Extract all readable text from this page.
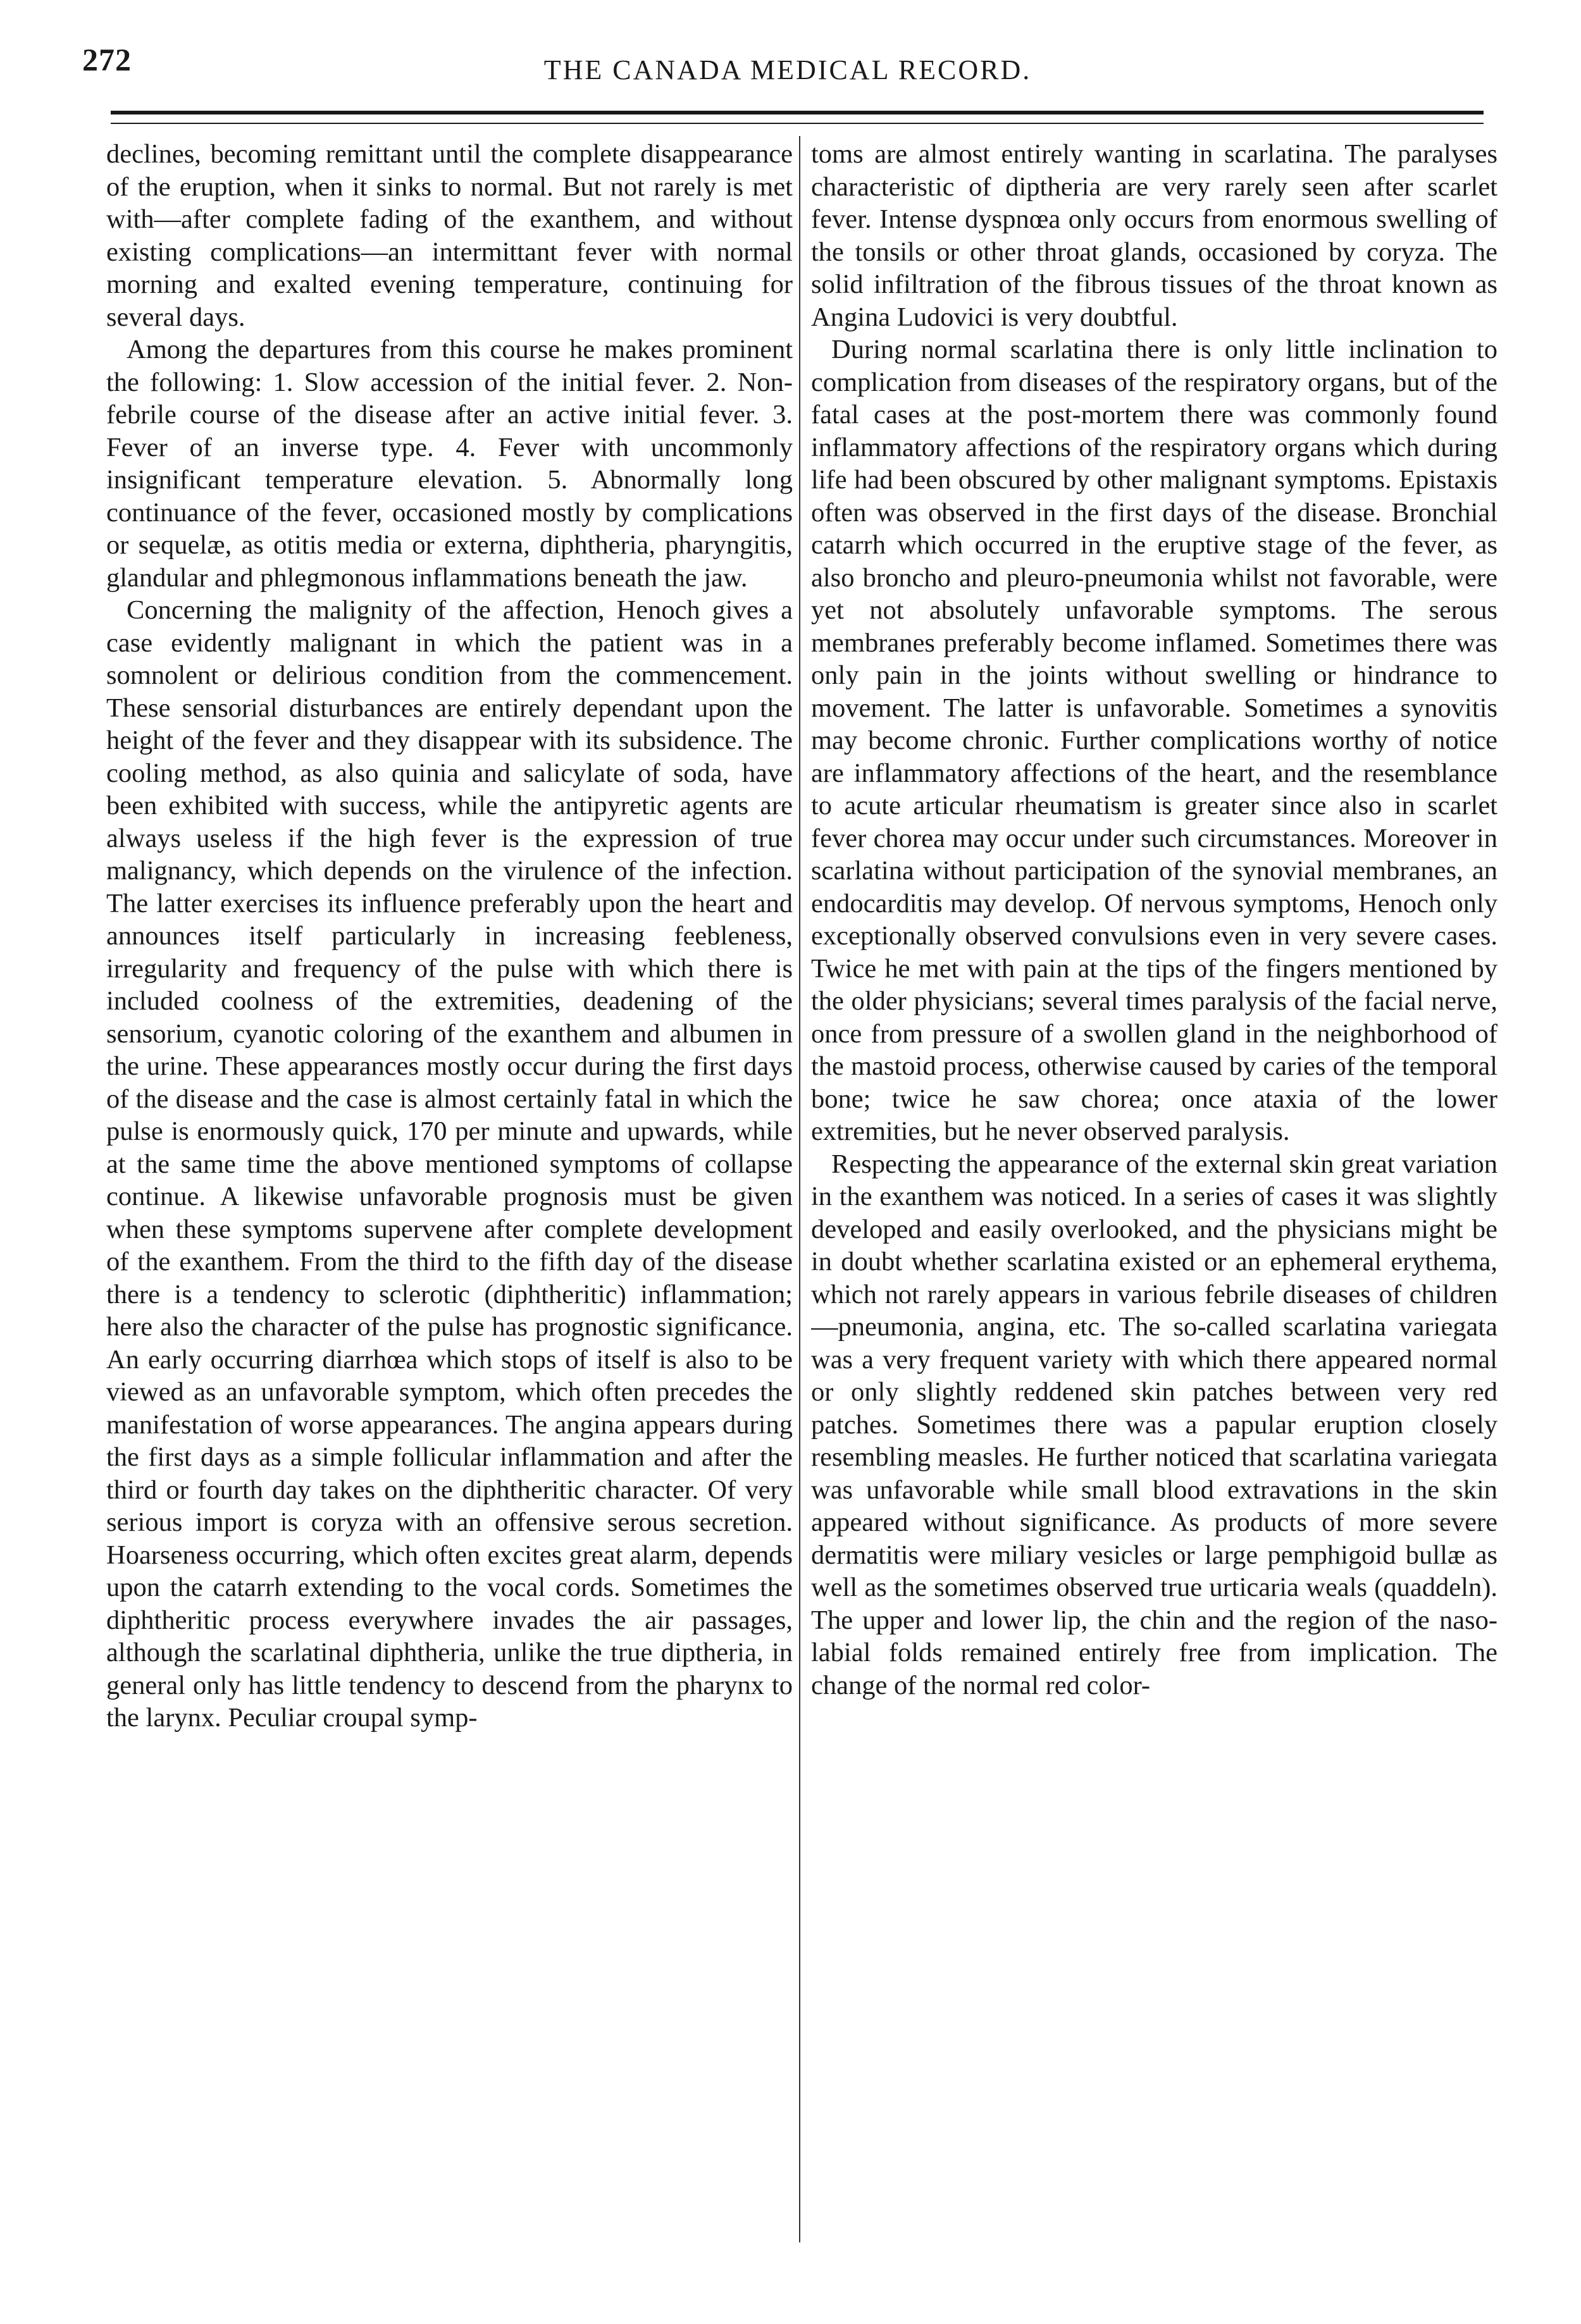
272	THE CANADA MEDICAL RECORD.

declines, becoming remittant until the complete disappearance of the eruption, when it sinks to normal. But not rarely is met with—after complete fading of the exanthem, and without existing complications—an intermittant fever with normal morning and exalted evening temperature, continuing for several days.

Among the departures from this course he makes prominent the following: 1. Slow accession of the initial fever. 2. Non-febrile course of the disease after an active initial fever. 3. Fever of an inverse type. 4. Fever with uncommonly insignificant temperature elevation. 5. Abnormally long continuance of the fever, occasioned mostly by complications or sequelæ, as otitis media or externa, diphtheria, pharyngitis, glandular and phlegmonous inflammations beneath the jaw.

Concerning the malignity of the affection, Henoch gives a case evidently malignant in which the patient was in a somnolent or delirious condition from the commencement. These sensorial disturbances are entirely dependant upon the height of the fever and they disappear with its subsidence. The cooling method, as also quinia and salicylate of soda, have been exhibited with success, while the antipyretic agents are always useless if the high fever is the expression of true malignancy, which depends on the virulence of the infection. The latter exercises its influence preferably upon the heart and announces itself particularly in increasing feebleness, irregularity and frequency of the pulse with which there is included coolness of the extremities, deadening of the sensorium, cyanotic coloring of the exanthem and albumen in the urine. These appearances mostly occur during the first days of the disease and the case is almost certainly fatal in which the pulse is enormously quick, 170 per minute and upwards, while at the same time the above mentioned symptoms of collapse continue. A likewise unfavorable prognosis must be given when these symptoms supervene after complete development of the exanthem. From the third to the fifth day of the disease there is a tendency to sclerotic (diphtheritic) inflammation; here also the character of the pulse has prognostic significance. An early occurring diarrhœa which stops of itself is also to be viewed as an unfavorable symptom, which often precedes the manifestation of worse appearances. The angina appears during the first days as a simple follicular inflammation and after the third or fourth day takes on the diphtheritic character. Of very serious import is coryza with an offensive serous secretion. Hoarseness occurring, which often excites great alarm, depends upon the catarrh extending to the vocal cords. Sometimes the diphtheritic process everywhere invades the air passages, although the scarlatinal diphtheria, unlike the true diptheria, in general only has little tendency to descend from the pharynx to the larynx. Peculiar croupal symp-

toms are almost entirely wanting in scarlatina. The paralyses characteristic of diptheria are very rarely seen after scarlet fever. Intense dyspnœa only occurs from enormous swelling of the tonsils or other throat glands, occasioned by coryza. The solid infiltration of the fibrous tissues of the throat known as Angina Ludovici is very doubtful.

During normal scarlatina there is only little inclination to complication from diseases of the respiratory organs, but of the fatal cases at the post-mortem there was commonly found inflammatory affections of the respiratory organs which during life had been obscured by other malignant symptoms. Epistaxis often was observed in the first days of the disease. Bronchial catarrh which occurred in the eruptive stage of the fever, as also broncho and pleuro-pneumonia whilst not favorable, were yet not absolutely unfavorable symptoms. The serous membranes preferably become inflamed. Sometimes there was only pain in the joints without swelling or hindrance to movement. The latter is unfavorable. Sometimes a synovitis may become chronic. Further complications worthy of notice are inflammatory affections of the heart, and the resemblance to acute articular rheumatism is greater since also in scarlet fever chorea may occur under such circumstances. Moreover in scarlatina without participation of the synovial membranes, an endocarditis may develop. Of nervous symptoms, Henoch only exceptionally observed convulsions even in very severe cases. Twice he met with pain at the tips of the fingers mentioned by the older physicians; several times paralysis of the facial nerve, once from pressure of a swollen gland in the neighborhood of the mastoid process, otherwise caused by caries of the temporal bone; twice he saw chorea; once ataxia of the lower extremities, but he never observed paralysis.

Respecting the appearance of the external skin great variation in the exanthem was noticed. In a series of cases it was slightly developed and easily overlooked, and the physicians might be in doubt whether scarlatina existed or an ephemeral erythema, which not rarely appears in various febrile diseases of children—pneumonia, angina, etc. The so-called scarlatina variegata was a very frequent variety with which there appeared normal or only slightly reddened skin patches between very red patches. Sometimes there was a papular eruption closely resembling measles. He further noticed that scarlatina variegata was unfavorable while small blood extravations in the skin appeared without significance. As products of more severe dermatitis were miliary vesicles or large pemphigoid bullæ as well as the sometimes observed true urticaria weals (quaddeln). The upper and lower lip, the chin and the region of the naso-labial folds remained entirely free from implication. The change of the normal red color-
